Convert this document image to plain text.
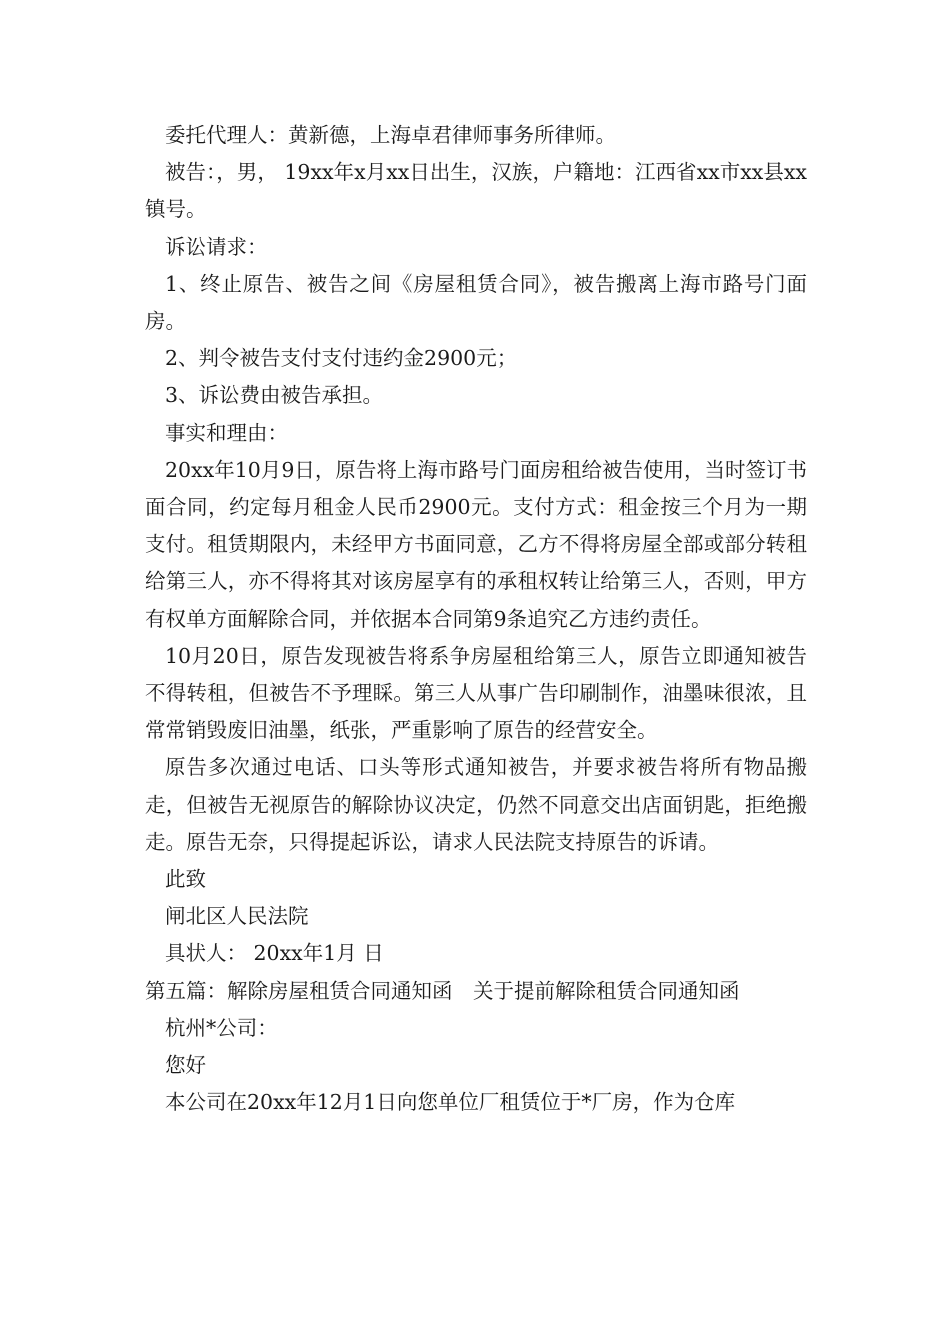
委托代理人：黄新德，上海卓君律师事务所律师。

被告：，男， 19xx年x月xx日出生，汉族，户籍地：江西省xx市xx县xx镇号。

诉讼请求：

1、终止原告、被告之间《房屋租赁合同》，被告搬离上海市路号门面房。

2、判令被告支付支付违约金2900元；

3、诉讼费由被告承担。

事实和理由：

20xx年10月9日，原告将上海市路号门面房租给被告使用，当时签订书面合同，约定每月租金人民币2900元。支付方式：租金按三个月为一期支付。租赁期限内，未经甲方书面同意，乙方不得将房屋全部或部分转租给第三人，亦不得将其对该房屋享有的承租权转让给第三人，否则，甲方有权单方面解除合同，并依据本合同第9条追究乙方违约责任。

10月20日，原告发现被告将系争房屋租给第三人，原告立即通知被告不得转租，但被告不予理睬。第三人从事广告印刷制作，油墨味很浓，且常常销毁废旧油墨，纸张，严重影响了原告的经营安全。

原告多次通过电话、口头等形式通知被告，并要求被告将所有物品搬走，但被告无视原告的解除协议决定，仍然不同意交出店面钥匙，拒绝搬走。原告无奈，只得提起诉讼，请求人民法院支持原告的诉请。

此致

闸北区人民法院

具状人： 20xx年1月 日

第五篇：解除房屋租赁合同通知函　关于提前解除租赁合同通知函

杭州*公司：

您好

本公司在20xx年12月1日向您单位厂租赁位于*厂房，作为仓库
